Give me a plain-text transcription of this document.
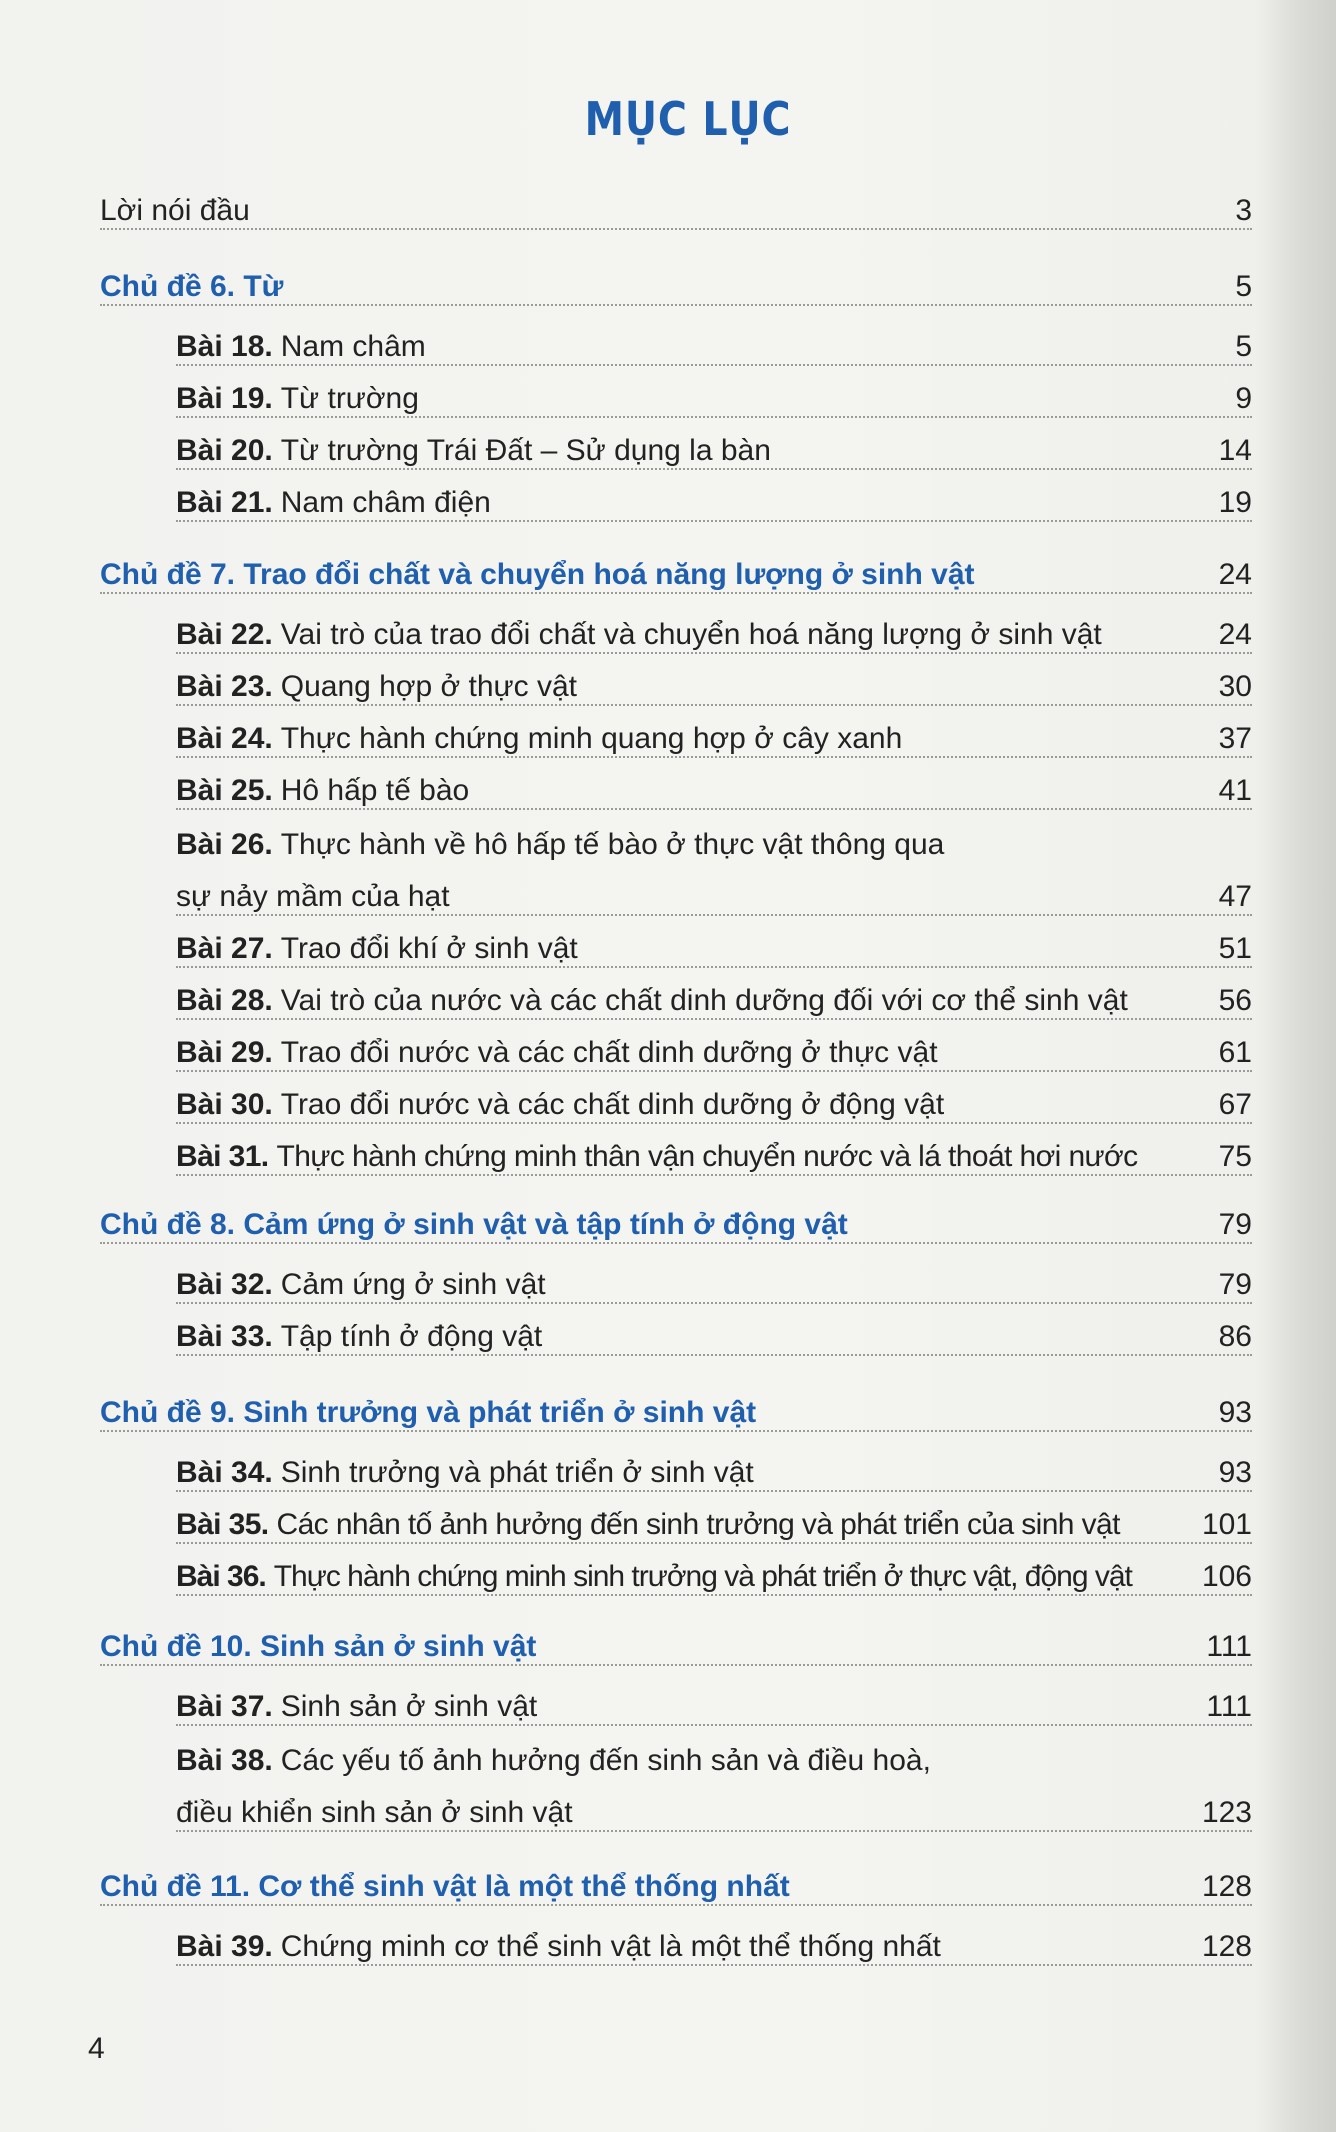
MỤC LỤC
Lời nói đầu	3
Chủ đề 6. Từ	5
Bài 18. Nam châm	5
Bài 19. Từ trường	9
Bài 20. Từ trường Trái Đất – Sử dụng la bàn	14
Bài 21. Nam châm điện	19
Chủ đề 7. Trao đổi chất và chuyển hoá năng lượng ở sinh vật	24
Bài 22. Vai trò của trao đổi chất và chuyển hoá năng lượng ở sinh vật	24
Bài 23. Quang hợp ở thực vật	30
Bài 24. Thực hành chứng minh quang hợp ở cây xanh	37
Bài 25. Hô hấp tế bào	41
Bài 26. Thực hành về hô hấp tế bào ở thực vật thông qua
sự nảy mầm của hạt	47
Bài 27. Trao đổi khí ở sinh vật	51
Bài 28. Vai trò của nước và các chất dinh dưỡng đối với cơ thể sinh vật	56
Bài 29. Trao đổi nước và các chất dinh dưỡng ở thực vật	61
Bài 30. Trao đổi nước và các chất dinh dưỡng ở động vật	67
Bài 31. Thực hành chứng minh thân vận chuyển nước và lá thoát hơi nước	75
Chủ đề 8. Cảm ứng ở sinh vật và tập tính ở động vật	79
Bài 32. Cảm ứng ở sinh vật	79
Bài 33. Tập tính ở động vật	86
Chủ đề 9. Sinh trưởng và phát triển ở sinh vật	93
Bài 34. Sinh trưởng và phát triển ở sinh vật	93
Bài 35. Các nhân tố ảnh hưởng đến sinh trưởng và phát triển của sinh vật	101
Bài 36. Thực hành chứng minh sinh trưởng và phát triển ở thực vật, động vật	106
Chủ đề 10. Sinh sản ở sinh vật	111
Bài 37. Sinh sản ở sinh vật	111
Bài 38. Các yếu tố ảnh hưởng đến sinh sản và điều hoà,
điều khiển sinh sản ở sinh vật	123
Chủ đề 11. Cơ thể sinh vật là một thể thống nhất	128
Bài 39. Chứng minh cơ thể sinh vật là một thể thống nhất	128
4
